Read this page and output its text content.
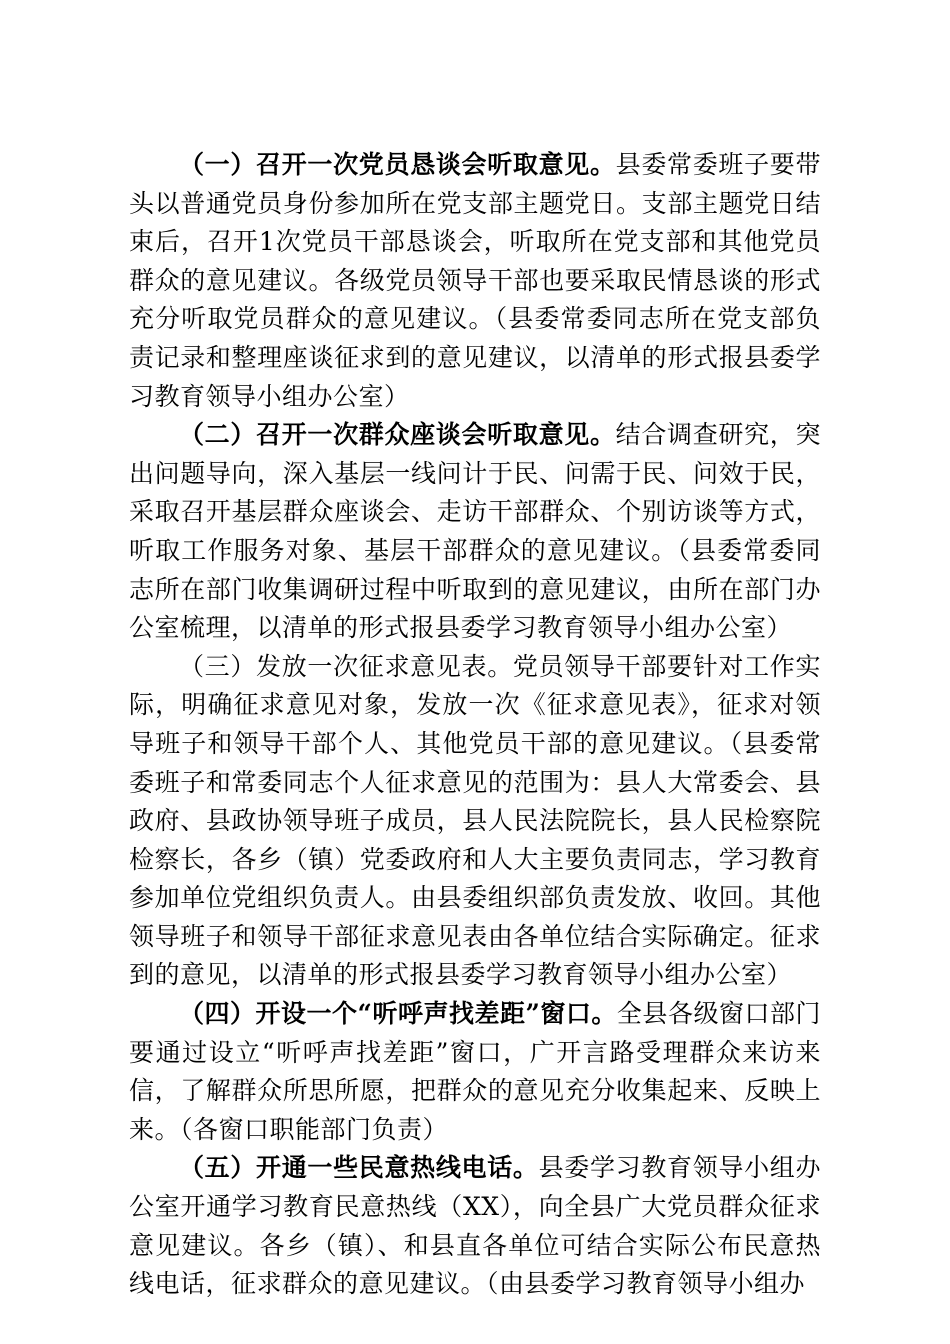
（一）召开一次党员恳谈会听取意见。县委常委班子要带头以普通党员身份参加所在党支部主题党日。支部主题党日结束后，召开1次党员干部恳谈会，听取所在党支部和其他党员群众的意见建议。各级党员领导干部也要采取民情恳谈的形式充分听取党员群众的意见建议。（县委常委同志所在党支部负责记录和整理座谈征求到的意见建议，以清单的形式报县委学习教育领导小组办公室）

（二）召开一次群众座谈会听取意见。结合调查研究，突出问题导向，深入基层一线问计于民、问需于民、问效于民，采取召开基层群众座谈会、走访干部群众、个别访谈等方式，听取工作服务对象、基层干部群众的意见建议。（县委常委同志所在部门收集调研过程中听取到的意见建议，由所在部门办公室梳理，以清单的形式报县委学习教育领导小组办公室）

（三）发放一次征求意见表。党员领导干部要针对工作实际，明确征求意见对象，发放一次《征求意见表》，征求对领导班子和领导干部个人、其他党员干部的意见建议。（县委常委班子和常委同志个人征求意见的范围为：县人大常委会、县政府、县政协领导班子成员，县人民法院院长，县人民检察院检察长，各乡（镇）党委政府和人大主要负责同志，学习教育参加单位党组织负责人。由县委组织部负责发放、收回。其他领导班子和领导干部征求意见表由各单位结合实际确定。征求到的意见，以清单的形式报县委学习教育领导小组办公室）

（四）开设一个“听呼声找差距”窗口。全县各级窗口部门要通过设立“听呼声找差距”窗口，广开言路受理群众来访来信，了解群众所思所愿，把群众的意见充分收集起来、反映上来。（各窗口职能部门负责）

（五）开通一些民意热线电话。县委学习教育领导小组办公室开通学习教育民意热线（XX），向全县广大党员群众征求意见建议。各乡（镇）、和县直各单位可结合实际公布民意热线电话，征求群众的意见建议。（由县委学习教育领导小组办
